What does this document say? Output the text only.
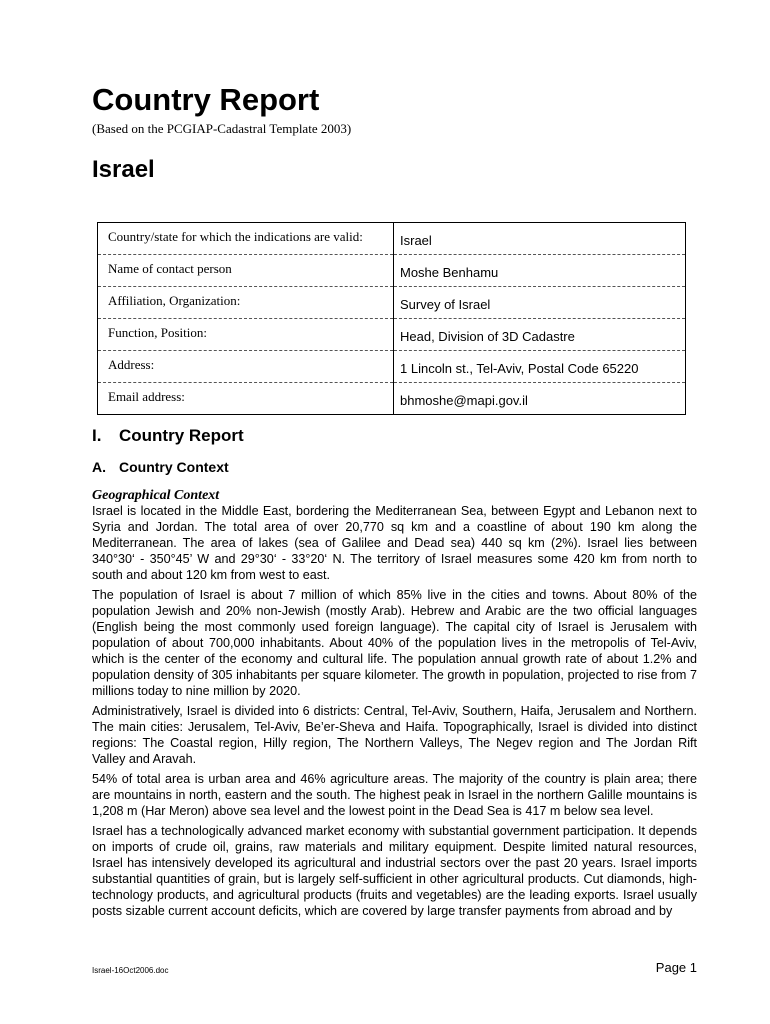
Country Report
(Based on the PCGIAP-Cadastral Template 2003)
Israel
Country/state for which the indications are valid:	Israel
Name of contact person	Moshe Benhamu
Affiliation, Organization:	Survey of Israel
Function, Position:	Head, Division of 3D Cadastre
Address:	1 Lincoln st., Tel-Aviv, Postal Code 65220
Email address:	bhmoshe@mapi.gov.il
I. Country Report
A. Country Context
Geographical Context

Israel is located in the Middle East, bordering the Mediterranean Sea, between Egypt and Lebanon next to Syria and Jordan. The total area of over 20,770 sq km and a coastline of about 190 km along the Mediterranean. The area of lakes (sea of Galilee and Dead sea) 440 sq km (2%). Israel lies between 340°30‘ - 350°45’ W and 29°30‘ - 33°20‘ N. The territory of Israel measures some 420 km from north to south and about 120 km from west to east.

The population of Israel is about 7 million of which 85% live in the cities and towns. About 80% of the population Jewish and 20% non-Jewish (mostly Arab). Hebrew and Arabic are the two official languages (English being the most commonly used foreign language). The capital city of Israel is Jerusalem with population of about 700,000 inhabitants. About 40% of the population lives in the metropolis of Tel-Aviv, which is the center of the economy and cultural life. The population annual growth rate of about 1.2% and population density of 305 inhabitants per square kilometer. The growth in population, projected to rise from 7 millions today to nine million by 2020.

Administratively, Israel is divided into 6 districts: Central, Tel-Aviv, Southern, Haifa, Jerusalem and Northern. The main cities: Jerusalem, Tel-Aviv, Be’er-Sheva and Haifa. Topographically, Israel is divided into distinct regions: The Coastal region, Hilly region, The Northern Valleys, The Negev region and The Jordan Rift Valley and Aravah.

54% of total area is urban area and 46% agriculture areas. The majority of the country is plain area; there are mountains in north, eastern and the south. The highest peak in Israel in the northern Galille mountains is 1,208 m (Har Meron) above sea level and the lowest point in the Dead Sea is 417 m below sea level.

Israel has a technologically advanced market economy with substantial government participation. It depends on imports of crude oil, grains, raw materials and military equipment. Despite limited natural resources, Israel has intensively developed its agricultural and industrial sectors over the past 20 years. Israel imports substantial quantities of grain, but is largely self-sufficient in other agricultural products. Cut diamonds, high-technology products, and agricultural products (fruits and vegetables) are the leading exports. Israel usually posts sizable current account deficits, which are covered by large transfer payments from abroad and by

Israel-16Oct2006.doc	Page 1
